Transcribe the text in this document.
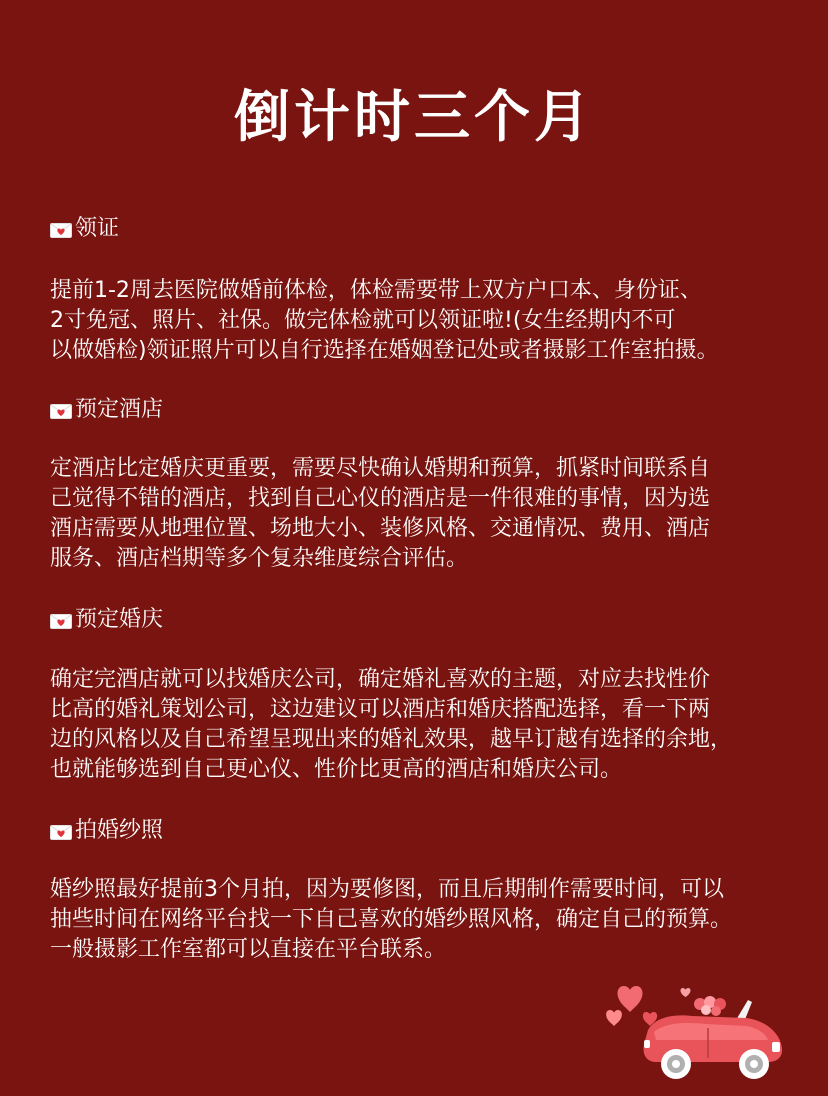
倒计时三个月
领证
提前1-2周去医院做婚前体检，体检需要带上双方户口本、身份证、
2寸免冠、照片、社保。做完体检就可以领证啦!(女生经期内不可
以做婚检)领证照片可以自行选择在婚姻登记处或者摄影工作室拍摄。
预定酒店
定酒店比定婚庆更重要，需要尽快确认婚期和预算，抓紧时间联系自
己觉得不错的酒店，找到自己心仪的酒店是一件很难的事情，因为选
酒店需要从地理位置、场地大小、装修风格、交通情况、费用、酒店
服务、酒店档期等多个复杂维度综合评估。
预定婚庆
确定完酒店就可以找婚庆公司，确定婚礼喜欢的主题，对应去找性价
比高的婚礼策划公司，这边建议可以酒店和婚庆搭配选择，看一下两
边的风格以及自己希望呈现出来的婚礼效果，越早订越有选择的余地，
也就能够选到自己更心仪、性价比更高的酒店和婚庆公司。
拍婚纱照
婚纱照最好提前3个月拍，因为要修图，而且后期制作需要时间，可以
抽些时间在网络平台找一下自己喜欢的婚纱照风格，确定自己的预算。
一般摄影工作室都可以直接在平台联系。
